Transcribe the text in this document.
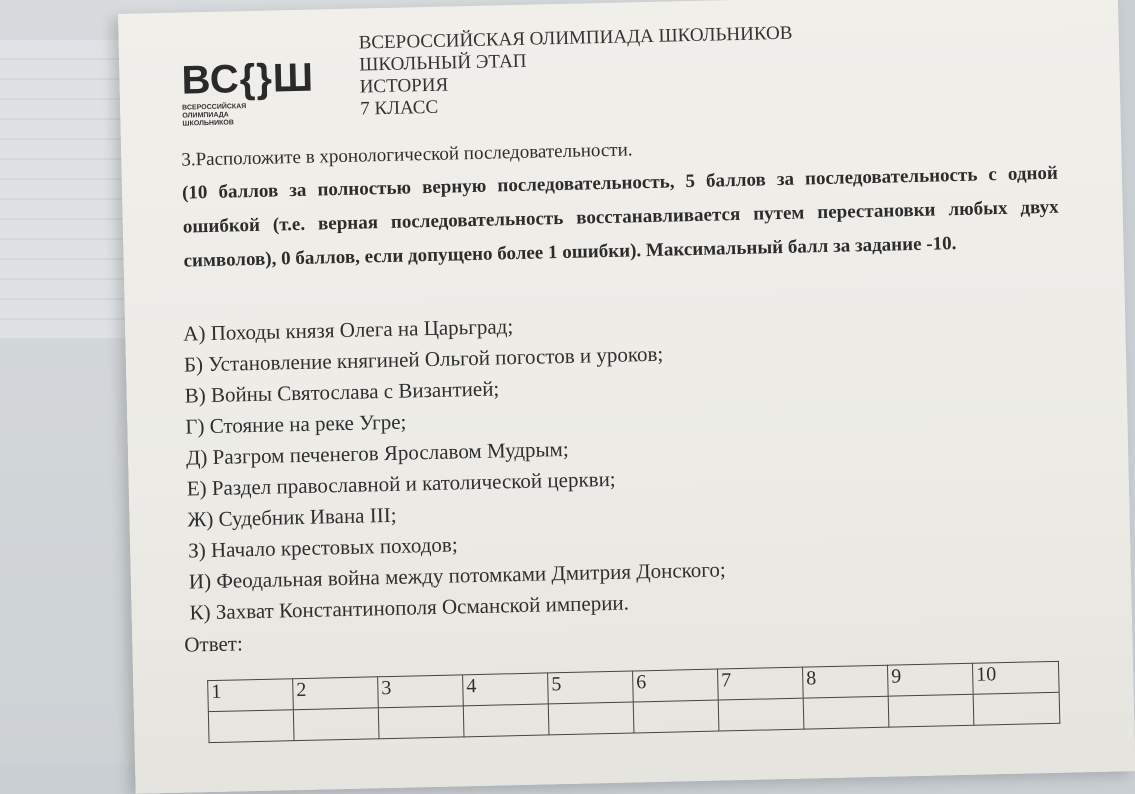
ВС{}Ш
ВСЕРОССИЙСКАЯ ОЛИМПИАДА ШКОЛЬНИКОВ
ВСЕРОССИЙСКАЯ ОЛИМПИАДА ШКОЛЬНИКОВ
ШКОЛЬНЫЙ ЭТАП
ИСТОРИЯ
7 КЛАСС
3.Расположите в хронологической последовательности.
(10 баллов за полностью верную последовательность, 5 баллов за последовательность с одной ошибкой (т.е. верная последовательность восстанавливается путем перестановки любых двух символов), 0 баллов, если допущено более 1 ошибки). Максимальный балл за задание -10.
А) Походы князя Олега на Царьград;
Б) Установление княгиней Ольгой погостов и уроков;
В) Войны Святослава с Византией;
Г) Стояние на реке Угре;
Д) Разгром печенегов Ярославом Мудрым;
Е) Раздел православной и католической церкви;
Ж) Судебник Ивана III;
З) Начало крестовых походов;
И) Феодальная война между потомками Дмитрия Донского;
К) Захват Константинополя Османской империи.
Ответ:
1	2	3	4	5	6	7	8	9	10
